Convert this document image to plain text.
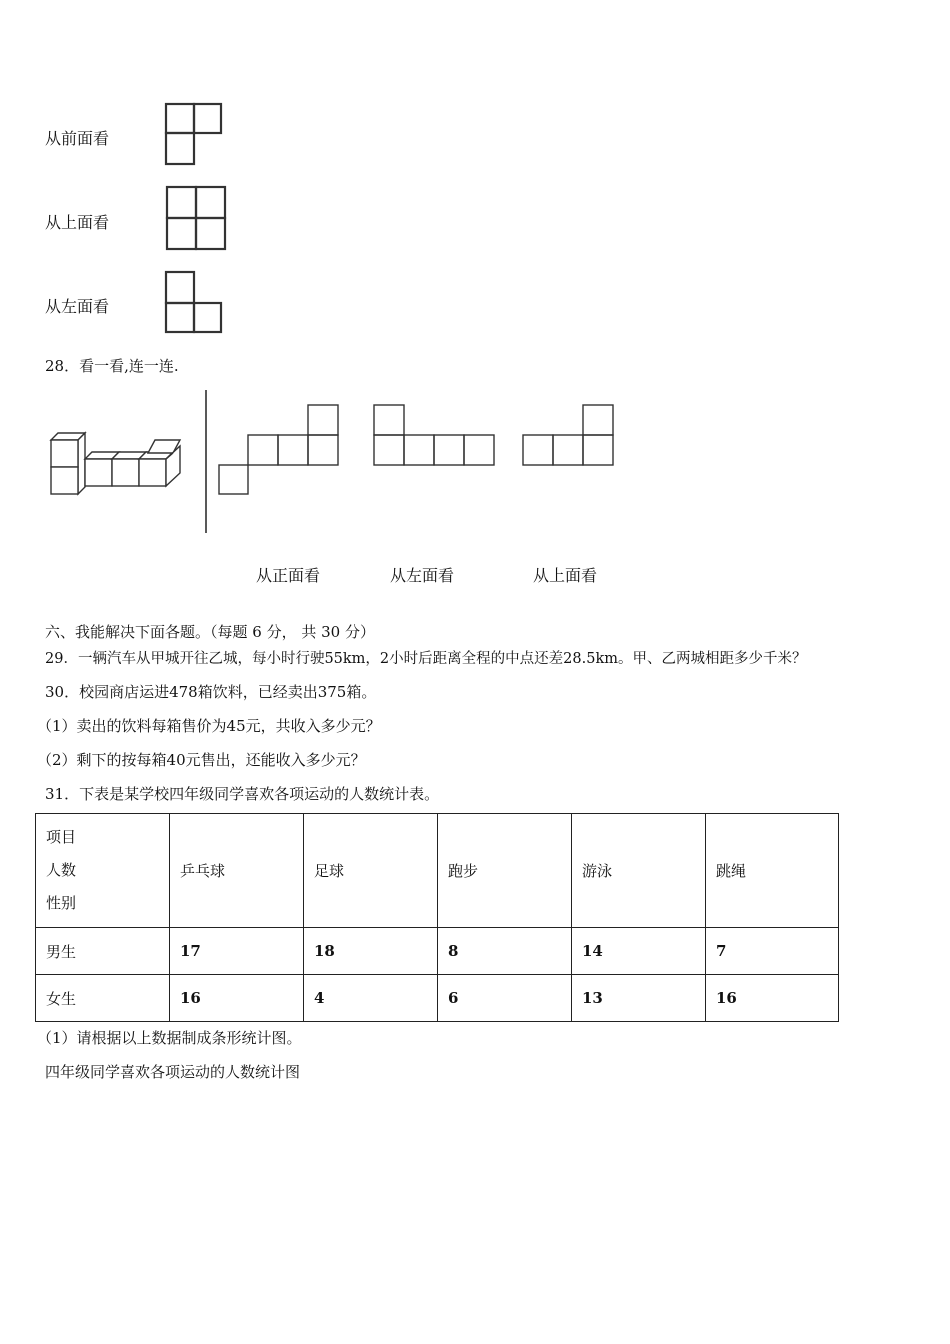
从前面看
从上面看
从左面看
28．看一看,连一连.
从正面看	从左面看	从上面看
六、我能解决下面各题。（每题 6 分， 共 30 分）
29．一辆汽车从甲城开往乙城，每小时行驶55km，2小时后距离全程的中点还差28.5km。甲、乙两城相距多少千米？
30．校园商店运进478箱饮料，已经卖出375箱。
（1）卖出的饮料每箱售价为45元，共收入多少元？
（2）剩下的按每箱40元售出，还能收入多少元？
31．下表是某学校四年级同学喜欢各项运动的人数统计表。
项目
人数
性别	乒乓球	足球	跑步	游泳	跳绳
男生	17	18	8	14	7
女生	16	4	6	13	16
（1）请根据以上数据制成条形统计图。
四年级同学喜欢各项运动的人数统计图
